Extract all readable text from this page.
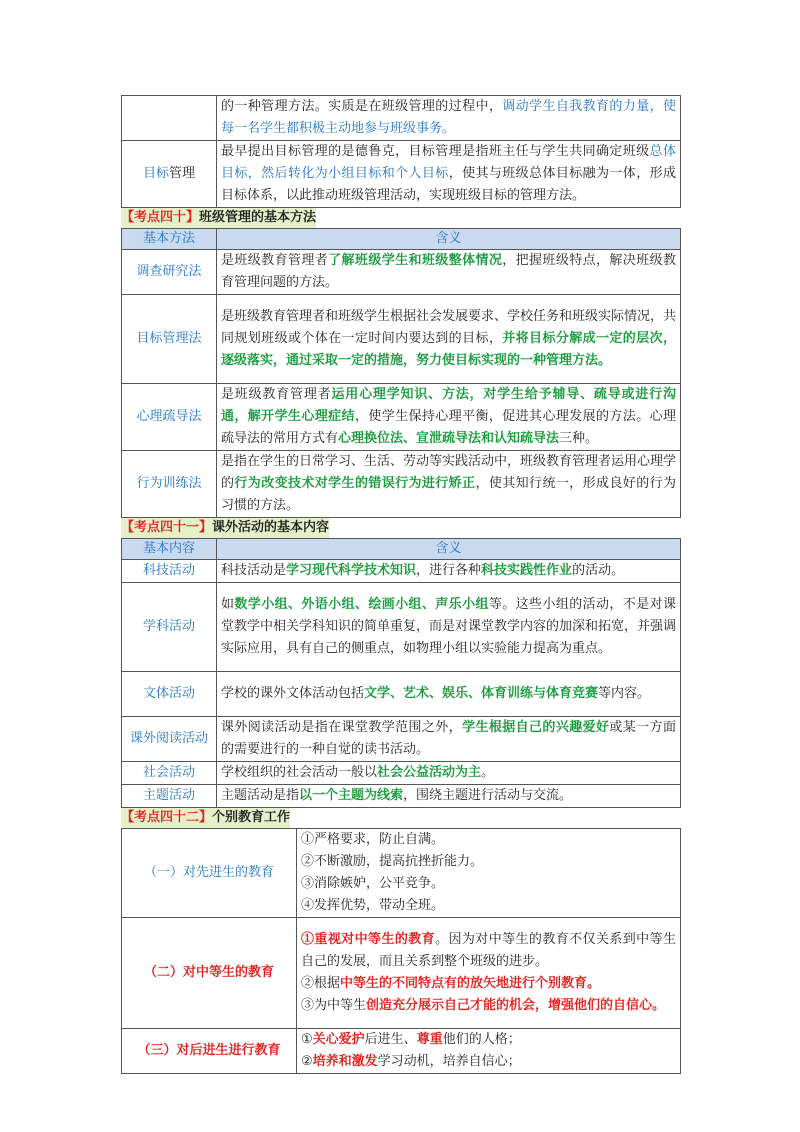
	的一种管理方法。实质是在班级管理的过程中，调动学生自我教育的力量，使每一名学生都积极主动地参与班级事务。
目标管理	最早提出目标管理的是德鲁克，目标管理是指班主任与学生共同确定班级总体目标，然后转化为小组目标和个人目标，使其与班级总体目标融为一体，形成目标体系，以此推动班级管理活动，实现班级目标的管理方法。
【考点四十】班级管理的基本方法
基本方法	含义
调查研究法	是班级教育管理者了解班级学生和班级整体情况，把握班级特点，解决班级教育管理问题的方法。
目标管理法	是班级教育管理者和班级学生根据社会发展要求、学校任务和班级实际情况，共同规划班级或个体在一定时间内要达到的目标，并将目标分解成一定的层次，逐级落实，通过采取一定的措施，努力使目标实现的一种管理方法。
心理疏导法	是班级教育管理者运用心理学知识、方法，对学生给予辅导、疏导或进行沟通，解开学生心理症结，使学生保持心理平衡，促进其心理发展的方法。心理疏导法的常用方式有心理换位法、宣泄疏导法和认知疏导法三种。
行为训练法	是指在学生的日常学习、生活、劳动等实践活动中，班级教育管理者运用心理学的行为改变技术对学生的错误行为进行矫正，使其知行统一，形成良好的行为习惯的方法。
【考点四十一】课外活动的基本内容
基本内容	含义
科技活动	科技活动是学习现代科学技术知识，进行各种科技实践性作业的活动。
学科活动	如数学小组、外语小组、绘画小组、声乐小组等。这些小组的活动，不是对课堂教学中相关学科知识的简单重复，而是对课堂教学内容的加深和拓宽，并强调实际应用，具有自己的侧重点，如物理小组以实验能力提高为重点。
文体活动	学校的课外文体活动包括文学、艺术、娱乐、体育训练与体育竞赛等内容。
课外阅读活动	课外阅读活动是指在课堂教学范围之外，学生根据自己的兴趣爱好或某一方面的需要进行的一种自觉的读书活动。
社会活动	学校组织的社会活动一般以社会公益活动为主。
主题活动	主题活动是指以一个主题为线索，围绕主题进行活动与交流。
【考点四十二】个别教育工作
（一）对先进生的教育	①严格要求，防止自满。
②不断激励，提高抗挫折能力。
③消除嫉妒，公平竞争。
④发挥优势，带动全班。

（二）对中等生的教育	①重视对中等生的教育。因为对中等生的教育不仅关系到中等生自己的发展，而且关系到整个班级的进步。
②根据中等生的不同特点有的放矢地进行个别教育。
③为中等生创造充分展示自己才能的机会，增强他们的自信心。

（三）对后进生进行教育	①关心爱护后进生、尊重他们的人格；
②培养和激发学习动机，培养自信心；
